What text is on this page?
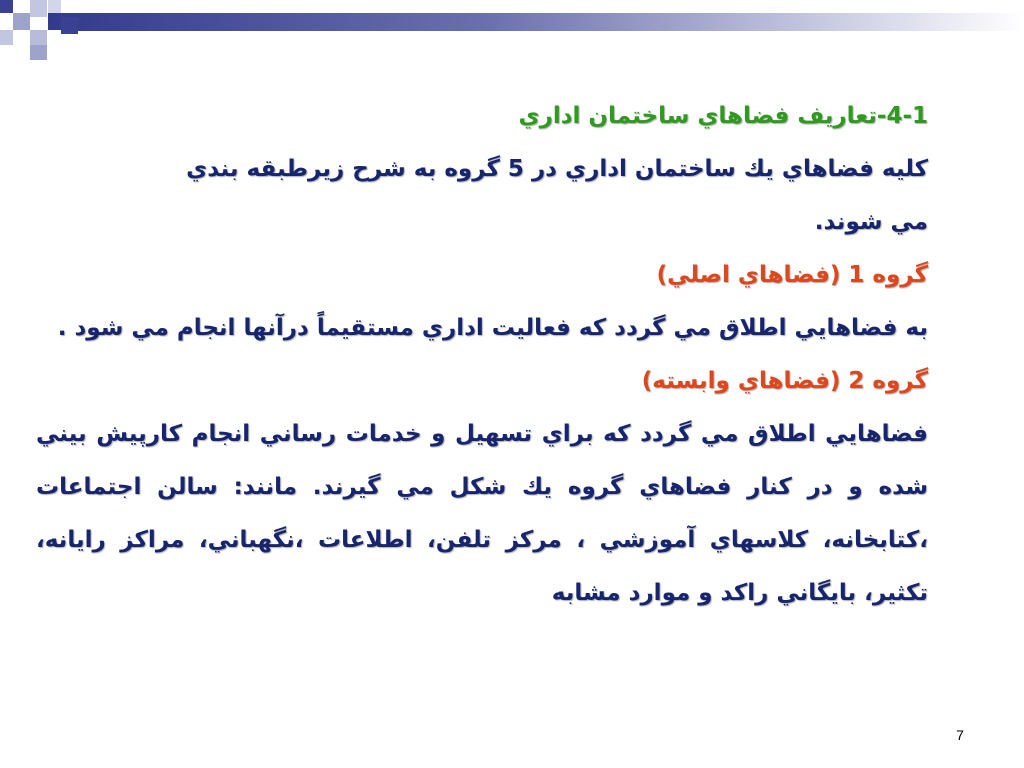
4-1-تعاريف فضاهاي ساختمان اداري
كليه فضاهاي يك ساختمان اداري در 5 گروه به شرح زيرطبقه بندي
مي شوند.
گروه 1 (فضاهاي اصلي)
به فضاهايي اطلاق مي گردد كه فعاليت اداري مستقيماً درآنها انجام مي شود .
گروه 2 (فضاهاي وابسته)
فضاهايي اطلاق مي گردد كه براي تسهيل و خدمات رساني انجام كارپيش بيني
شده و در كنار فضاهاي گروه يك شكل مي گيرند. مانند: سالن اجتماعات
،كتابخانه، كلاسهاي آموزشي ، مركز تلفن، اطلاعات ،نگهباني، مراكز رايانه،
تكثير، بايگاني راكد و موارد مشابه
7
